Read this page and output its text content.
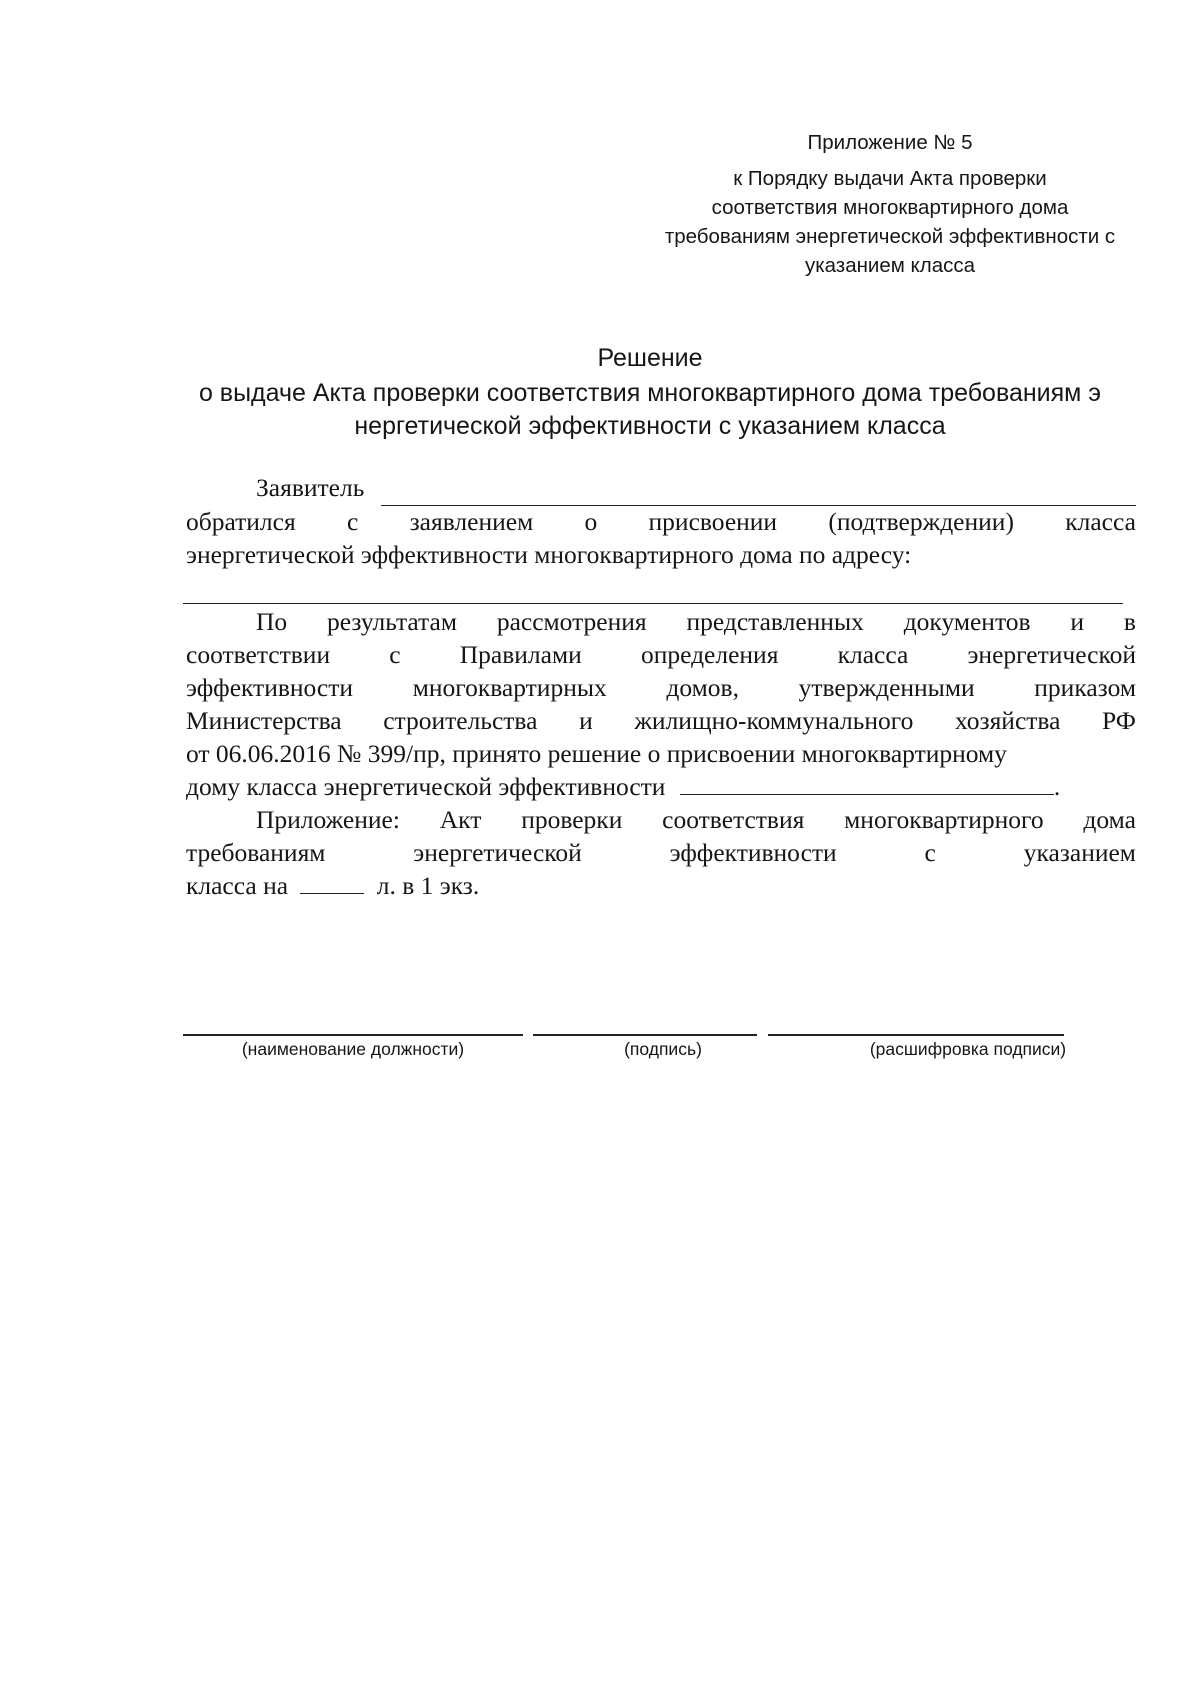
Приложение № 5
к Порядку выдачи Акта проверки
соответствия многоквартирного дома
требованиям энергетической эффективности с
указанием класса
Решение
о выдаче Акта проверки соответствия многоквартирного дома требованиям э
нергетической эффективности с указанием класса
Заявитель
обратился с заявлением о присвоении (подтверждении) класса
энергетической эффективности многоквартирного дома по адресу:
По результатам рассмотрения представленных документов и в
соответствии с Правилами определения класса энергетической
эффективности многоквартирных домов, утвержденными приказом
Министерства строительства и жилищно-коммунального хозяйства РФ
от 06.06.2016 № 399/пр, принято решение о присвоении многоквартирному
дому класса энергетической эффективности	.
Приложение: Акт проверки соответствия многоквартирного дома
требованиям	энергетической	эффективности	с	указанием
класса на	л. в 1 экз.
(наименование должности)	(подпись)	(расшифровка подписи)
